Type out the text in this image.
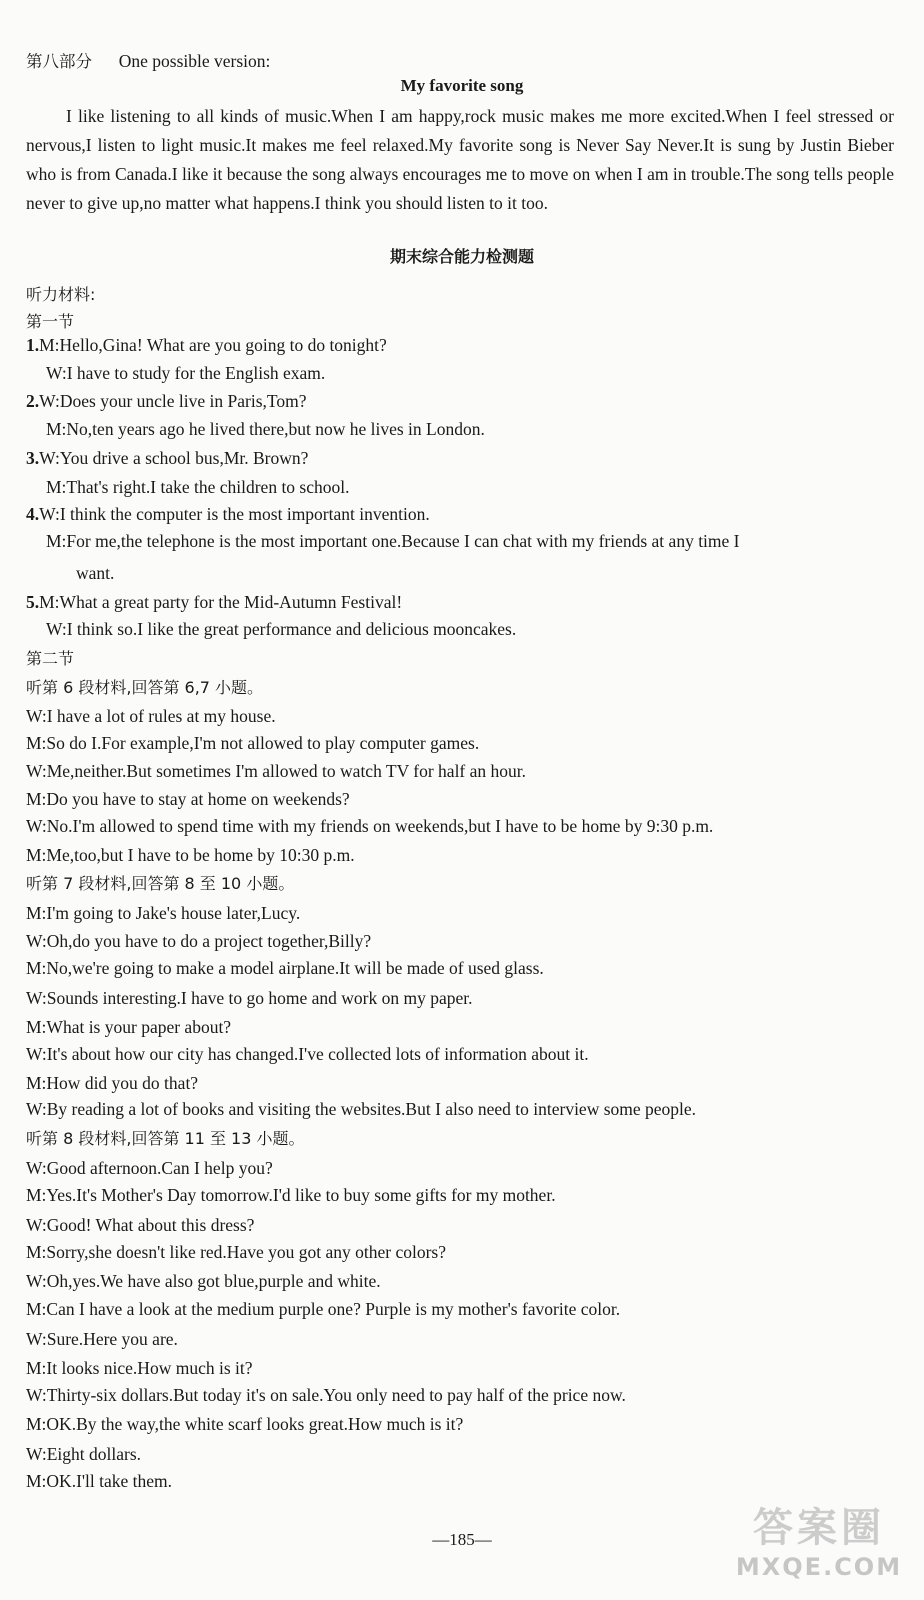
第八部分 One possible version:
My favorite song

I like listening to all kinds of music.When I am happy,rock music makes me more excited.When I feel stressed or nervous,I listen to light music.It makes me feel relaxed.My favorite song is Never Say Never.It is sung by Justin Bieber who is from Canada.I like it because the song always encourages me to move on when I am in trouble.The song tells people never to give up,no matter what happens.I think you should listen to it too.

期末综合能力检测题
听力材料:
第一节
1.M:Hello,Gina! What are you going to do tonight?
W:I have to study for the English exam.
2.W:Does your uncle live in Paris,Tom?
M:No,ten years ago he lived there,but now he lives in London.
3.W:You drive a school bus,Mr. Brown?
M:That's right.I take the children to school.
4.W:I think the computer is the most important invention.
M:For me,the telephone is the most important one.Because I can chat with my friends at any time I
want.
5.M:What a great party for the Mid-Autumn Festival!
W:I think so.I like the great performance and delicious mooncakes.
第二节
听第 6 段材料,回答第 6,7 小题。
W:I have a lot of rules at my house.
M:So do I.For example,I'm not allowed to play computer games.
W:Me,neither.But sometimes I'm allowed to watch TV for half an hour.
M:Do you have to stay at home on weekends?
W:No.I'm allowed to spend time with my friends on weekends,but I have to be home by 9:30 p.m.
M:Me,too,but I have to be home by 10:30 p.m.
听第 7 段材料,回答第 8 至 10 小题。
M:I'm going to Jake's house later,Lucy.
W:Oh,do you have to do a project together,Billy?
M:No,we're going to make a model airplane.It will be made of used glass.
W:Sounds interesting.I have to go home and work on my paper.
M:What is your paper about?
W:It's about how our city has changed.I've collected lots of information about it.
M:How did you do that?
W:By reading a lot of books and visiting the websites.But I also need to interview some people.
听第 8 段材料,回答第 11 至 13 小题。
W:Good afternoon.Can I help you?
M:Yes.It's Mother's Day tomorrow.I'd like to buy some gifts for my mother.
W:Good! What about this dress?
M:Sorry,she doesn't like red.Have you got any other colors?
W:Oh,yes.We have also got blue,purple and white.
M:Can I have a look at the medium purple one? Purple is my mother's favorite color.
W:Sure.Here you are.
M:It looks nice.How much is it?
W:Thirty-six dollars.But today it's on sale.You only need to pay half of the price now.
M:OK.By the way,the white scarf looks great.How much is it?
W:Eight dollars.
M:OK.I'll take them.
—185—	答案圈
MXQE.COM
